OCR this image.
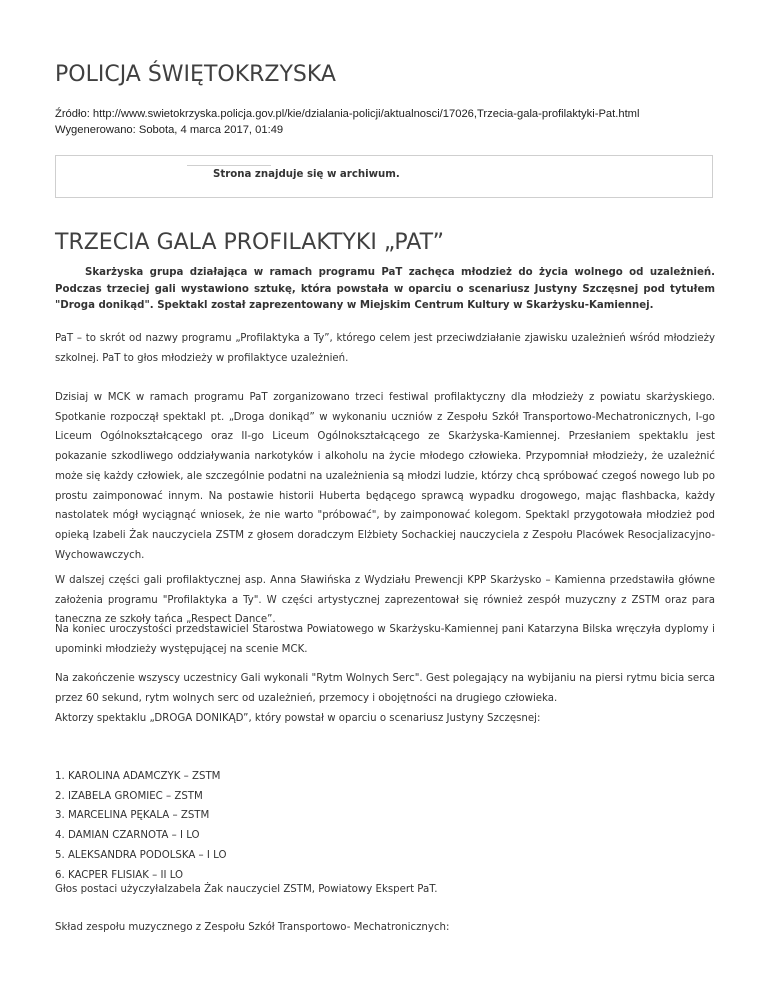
POLICJA ŚWIĘTOKRZYSKA
Źródło: http://www.swietokrzyska.policja.gov.pl/kie/dzialania-policji/aktualnosci/17026,Trzecia-gala-profilaktyki-Pat.html
Wygenerowano: Sobota, 4 marca 2017, 01:49
Strona znajduje się w archiwum.
TRZECIA GALA PROFILAKTYKI „PAT”

Skarżyska grupa działająca w ramach programu PaT zachęca młodzież do życia wolnego od uzależnień. Podczas trzeciej gali wystawiono sztukę, która powstała w oparciu o scenariusz Justyny Szczęsnej pod tytułem "Droga donikąd". Spektakl został zaprezentowany w Miejskim Centrum Kultury w Skarżysku-Kamiennej.

PaT – to skrót od nazwy programu „Profilaktyka a Ty”, którego celem jest przeciwdziałanie zjawisku uzależnień wśród młodzieży szkolnej. PaT to głos młodzieży w profilaktyce uzależnień.

Dzisiaj w MCK w ramach programu PaT zorganizowano trzeci festiwal profilaktyczny dla młodzieży z powiatu skarżyskiego. Spotkanie rozpoczął spektakl pt. „Droga donikąd” w wykonaniu uczniów z Zespołu Szkół Transportowo-Mechatronicznych, I-go Liceum Ogólnokształcącego oraz II-go Liceum Ogólnokształcącego ze Skarżyska-Kamiennej. Przesłaniem spektaklu jest pokazanie szkodliwego oddziaływania narkotyków i alkoholu na życie młodego człowieka. Przypomniał młodzieży, że uzależnić może się każdy człowiek, ale szczególnie podatni na uzależnienia są młodzi ludzie, którzy chcą spróbować czegoś nowego lub po prostu zaimponować innym. Na postawie historii Huberta będącego sprawcą wypadku drogowego, mając flashbacka, każdy nastolatek mógł wyciągnąć wniosek, że nie warto "próbować", by zaimponować kolegom. Spektakl przygotowała młodzież pod opieką Izabeli Żak nauczyciela ZSTM z głosem doradczym Elżbiety Sochackiej nauczyciela z Zespołu Placówek Resocjalizacyjno-Wychowawczych.

W dalszej części gali profilaktycznej asp. Anna Sławińska z Wydziału Prewencji KPP Skarżysko – Kamienna przedstawiła główne założenia programu "Profilaktyka a Ty". W części artystycznej zaprezentował się również zespół muzyczny z ZSTM oraz para taneczna ze szkoły tańca „Respect Dance”.

Na koniec uroczystości przedstawiciel Starostwa Powiatowego w Skarżysku-Kamiennej pani Katarzyna Bilska wręczyła dyplomy i upominki młodzieży występującej na scenie MCK.

Na zakończenie wszyscy uczestnicy Gali wykonali "Rytm Wolnych Serc". Gest polegający na wybijaniu na piersi rytmu bicia serca przez 60 sekund, rytm wolnych serc od uzależnień, przemocy i obojętności na drugiego człowieka.

Aktorzy spektaklu „DROGA DONIKĄD”, który powstał w oparciu o scenariusz Justyny Szczęsnej:

1. KAROLINA ADAMCZYK – ZSTM
2. IZABELA GROMIEC – ZSTM
3. MARCELINA PĘKALA – ZSTM
4. DAMIAN CZARNOTA – I LO
5. ALEKSANDRA PODOLSKA – I LO
6. KACPER FLISIAK – II LO

Głos postaci użyczyłaIzabela Żak nauczyciel ZSTM, Powiatowy Ekspert PaT.

Skład zespołu muzycznego z Zespołu Szkół Transportowo- Mechatronicznych:
